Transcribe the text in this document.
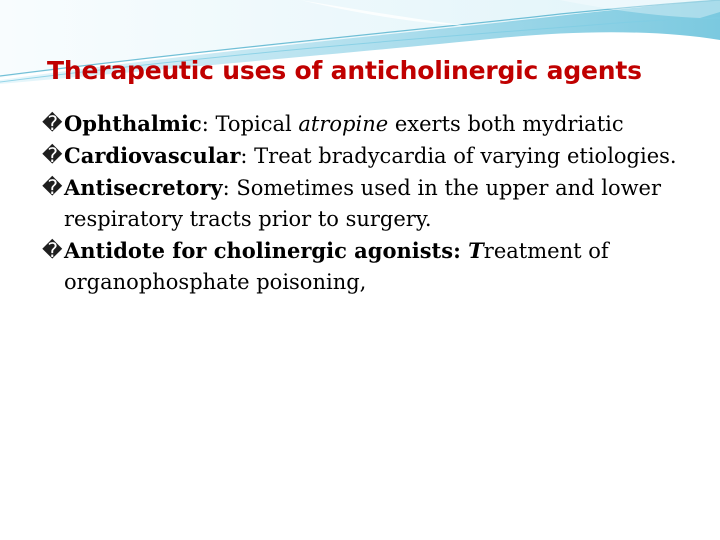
Therapeutic uses of anticholinergic agents
� Ophthalmic: Topical atropine exerts both mydriatic
� Cardiovascular: Treat bradycardia of varying etiologies.
� Antisecretory: Sometimes used in the upper and lower respiratory tracts prior to surgery.
� Antidote for cholinergic agonists: Treatment of organophosphate poisoning,
